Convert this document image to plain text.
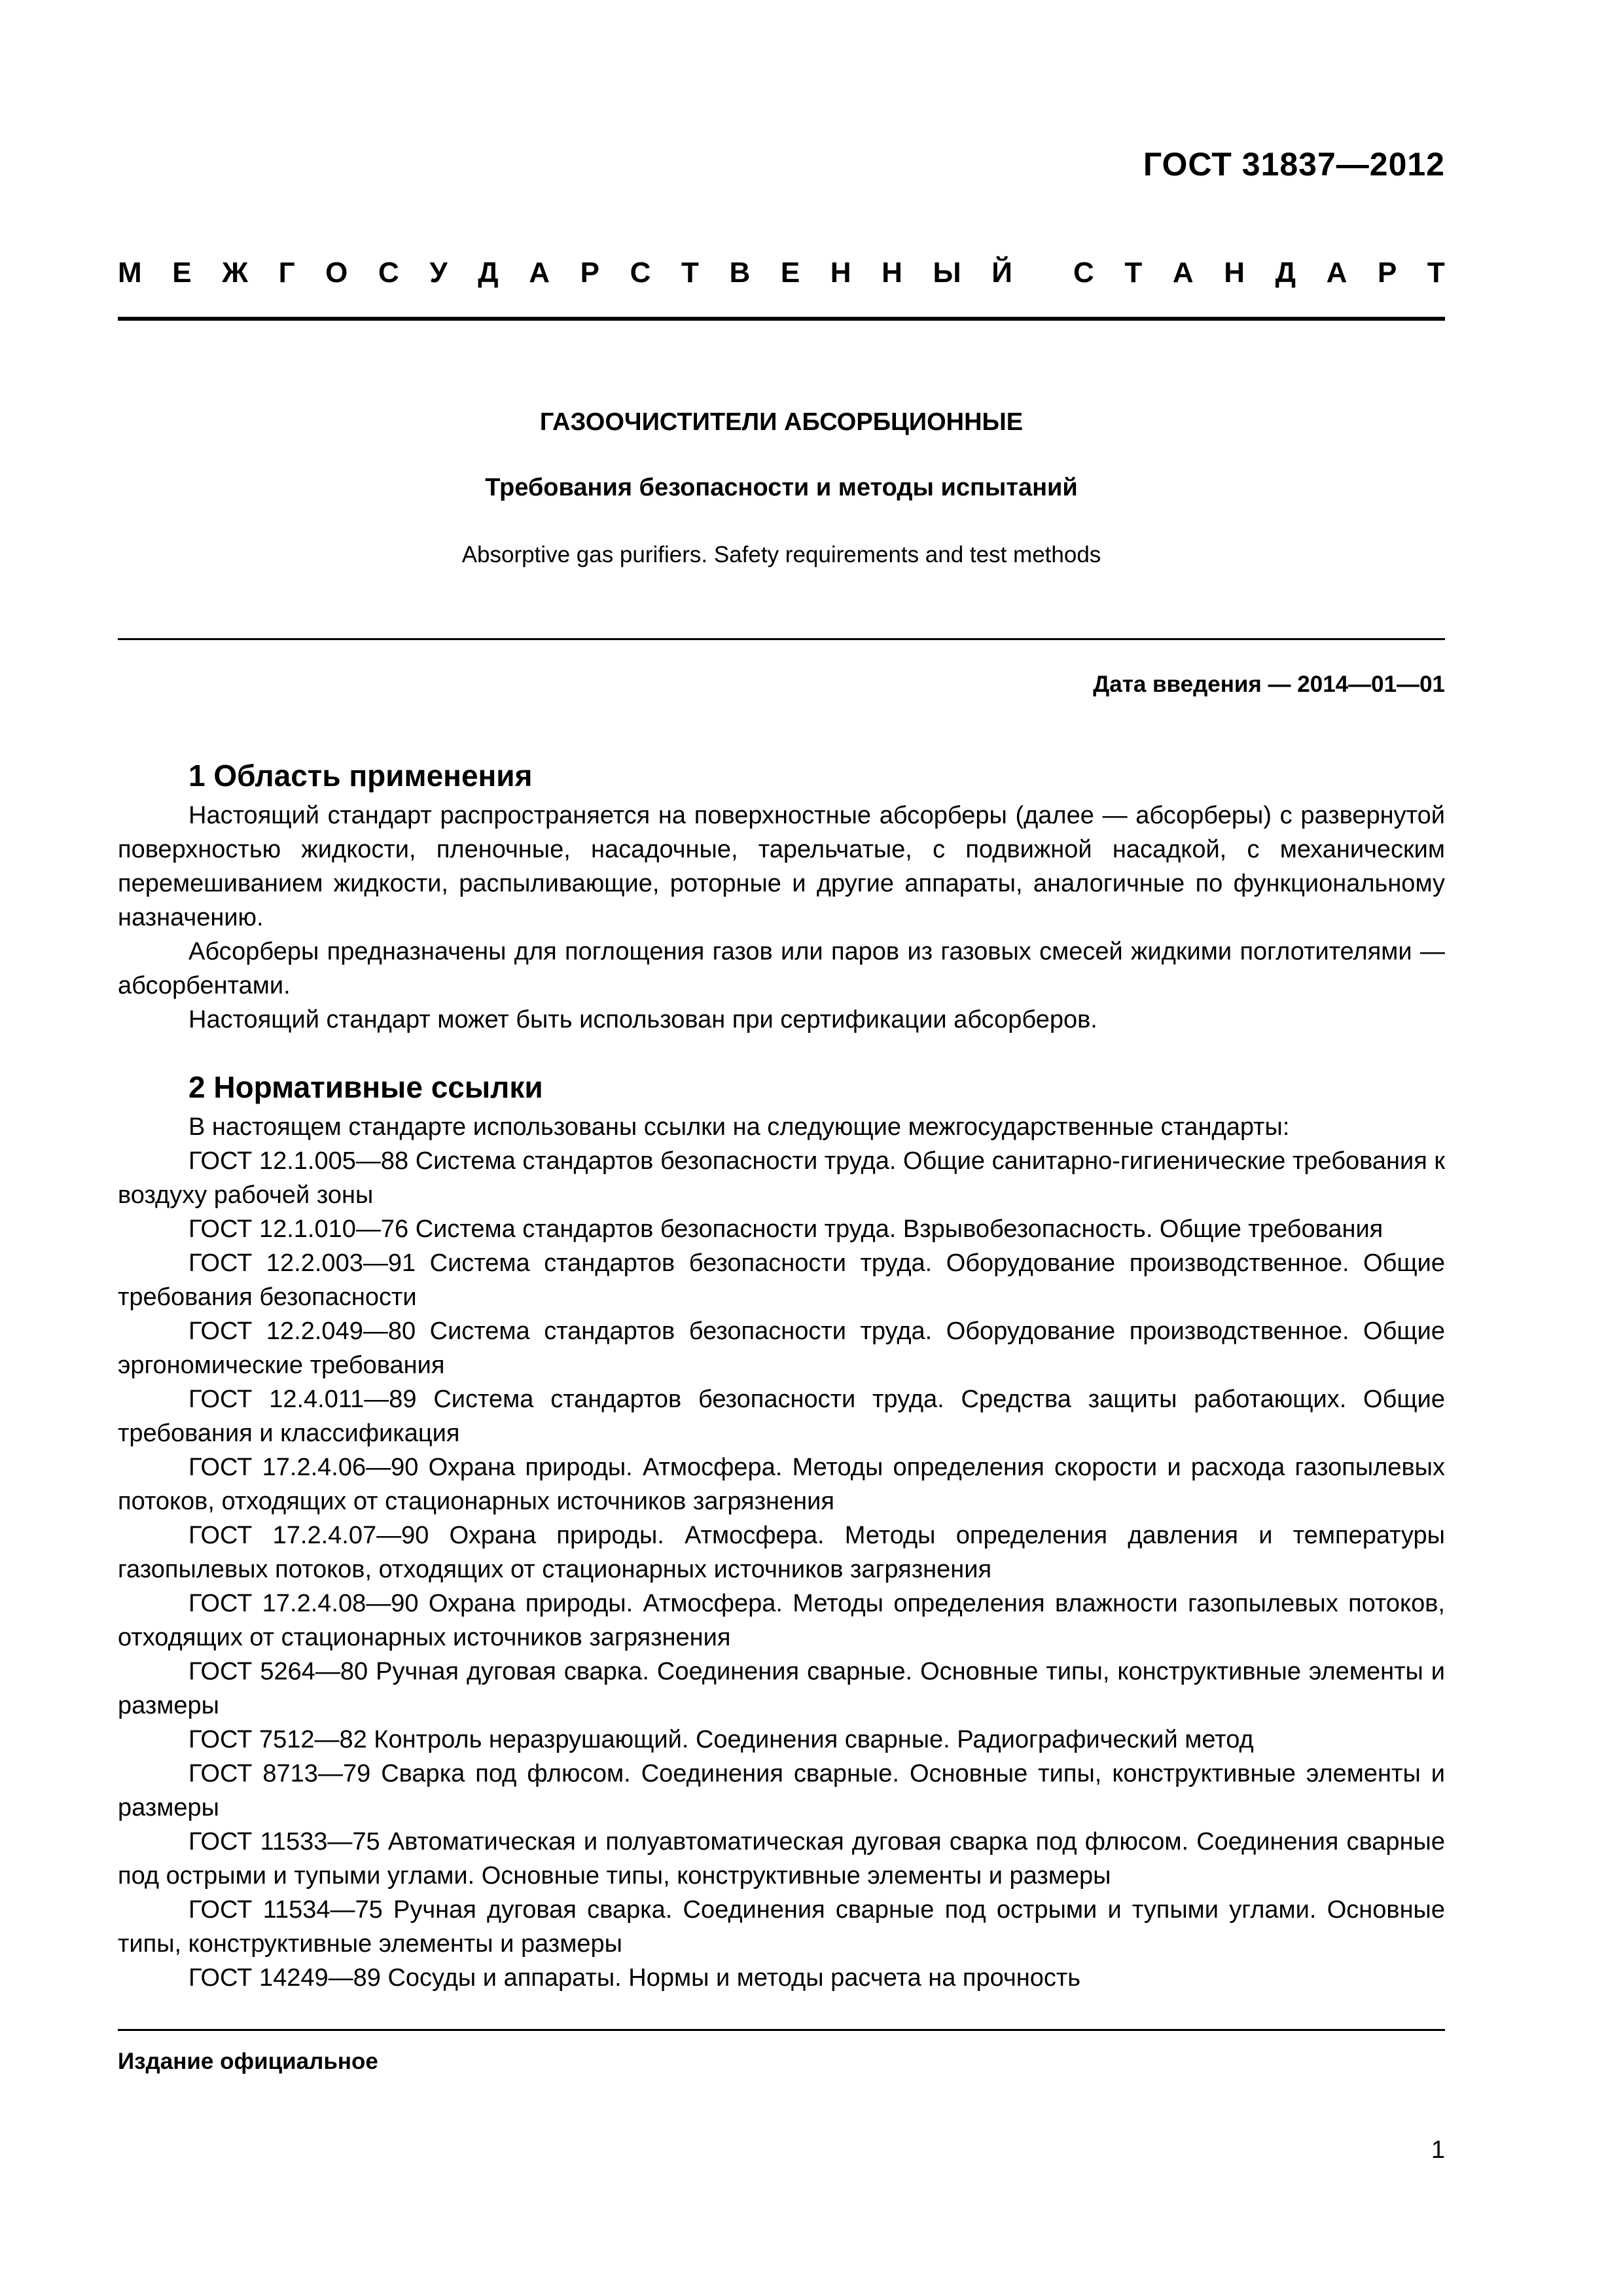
ГОСТ 31837—2012
М Е Ж Г О С У Д А Р С Т В Е Н Н Ы Й С Т А Н Д А Р Т
ГАЗООЧИСТИТЕЛИ АБСОРБЦИОННЫЕ
Требования безопасности и методы испытаний
Absorptive gas purifiers. Safety requirements and test methods
Дата введения — 2014—01—01
1 Область применения

Настоящий стандарт распространяется на поверхностные абсорберы (далее — абсорберы) с развернутой поверхностью жидкости, пленочные, насадочные, тарельчатые, с подвижной насадкой, с механическим перемешиванием жидкости, распыливающие, роторные и другие аппараты, аналогичные по функциональному назначению.

Абсорберы предназначены для поглощения газов или паров из газовых смесей жидкими поглотителями — абсорбентами.

Настоящий стандарт может быть использован при сертификации абсорберов.

2 Нормативные ссылки

В настоящем стандарте использованы ссылки на следующие межгосударственные стандарты:

ГОСТ 12.1.005—88 Система стандартов безопасности труда. Общие санитарно-гигиенические требования к воздуху рабочей зоны

ГОСТ 12.1.010—76 Система стандартов безопасности труда. Взрывобезопасность. Общие требования

ГОСТ 12.2.003—91 Система стандартов безопасности труда. Оборудование производственное. Общие требования безопасности

ГОСТ 12.2.049—80 Система стандартов безопасности труда. Оборудование производственное. Общие эргономические требования

ГОСТ 12.4.011—89 Система стандартов безопасности труда. Средства защиты работающих. Общие требования и классификация

ГОСТ 17.2.4.06—90 Охрана природы. Атмосфера. Методы определения скорости и расхода газопылевых потоков, отходящих от стационарных источников загрязнения

ГОСТ 17.2.4.07—90 Охрана природы. Атмосфера. Методы определения давления и температуры газопылевых потоков, отходящих от стационарных источников загрязнения

ГОСТ 17.2.4.08—90 Охрана природы. Атмосфера. Методы определения влажности газопылевых потоков, отходящих от стационарных источников загрязнения

ГОСТ 5264—80 Ручная дуговая сварка. Соединения сварные. Основные типы, конструктивные элементы и размеры

ГОСТ 7512—82 Контроль неразрушающий. Соединения сварные. Радиографический метод

ГОСТ 8713—79 Сварка под флюсом. Соединения сварные. Основные типы, конструктивные элементы и размеры

ГОСТ 11533—75 Автоматическая и полуавтоматическая дуговая сварка под флюсом. Соединения сварные под острыми и тупыми углами. Основные типы, конструктивные элементы и размеры

ГОСТ 11534—75 Ручная дуговая сварка. Соединения сварные под острыми и тупыми углами. Основные типы, конструктивные элементы и размеры

ГОСТ 14249—89 Сосуды и аппараты. Нормы и методы расчета на прочность

Издание официальное
1
